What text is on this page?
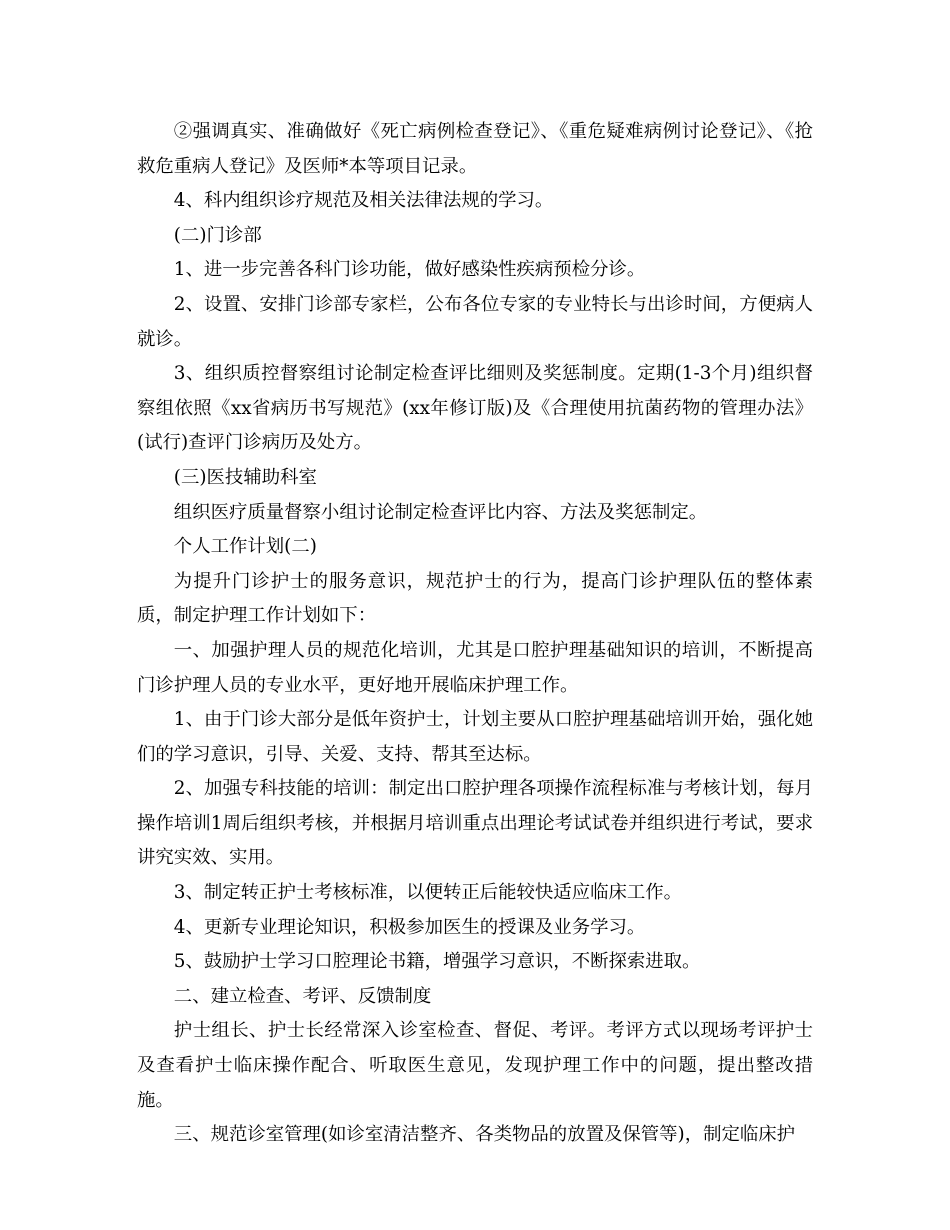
②强调真实、准确做好《死亡病例检查登记》、《重危疑难病例讨论登记》、《抢救危重病人登记》及医师*本等项目记录。

4、科内组织诊疗规范及相关法律法规的学习。

(二)门诊部

1、进一步完善各科门诊功能，做好感染性疾病预检分诊。

2、设置、安排门诊部专家栏，公布各位专家的专业特长与出诊时间，方便病人就诊。

3、组织质控督察组讨论制定检查评比细则及奖惩制度。定期(1-3个月)组织督察组依照《xx省病历书写规范》(xx年修订版)及《合理使用抗菌药物的管理办法》(试行)查评门诊病历及处方。

(三)医技辅助科室

组织医疗质量督察小组讨论制定检查评比内容、方法及奖惩制定。

个人工作计划(二)

为提升门诊护士的服务意识，规范护士的行为，提高门诊护理队伍的整体素质，制定护理工作计划如下：

一、加强护理人员的规范化培训，尤其是口腔护理基础知识的培训，不断提高门诊护理人员的专业水平，更好地开展临床护理工作。

1、由于门诊大部分是低年资护士，计划主要从口腔护理基础培训开始，强化她们的学习意识，引导、关爱、支持、帮其至达标。

2、加强专科技能的培训：制定出口腔护理各项操作流程标准与考核计划，每月操作培训1周后组织考核，并根据月培训重点出理论考试试卷并组织进行考试，要求讲究实效、实用。

3、制定转正护士考核标准，以便转正后能较快适应临床工作。

4、更新专业理论知识，积极参加医生的授课及业务学习。

5、鼓励护士学习口腔理论书籍，增强学习意识，不断探索进取。

二、建立检查、考评、反馈制度

护士组长、护士长经常深入诊室检查、督促、考评。考评方式以现场考评护士及查看护士临床操作配合、听取医生意见，发现护理工作中的问题，提出整改措施。

三、规范诊室管理(如诊室清洁整齐、各类物品的放置及保管等)，制定临床护
